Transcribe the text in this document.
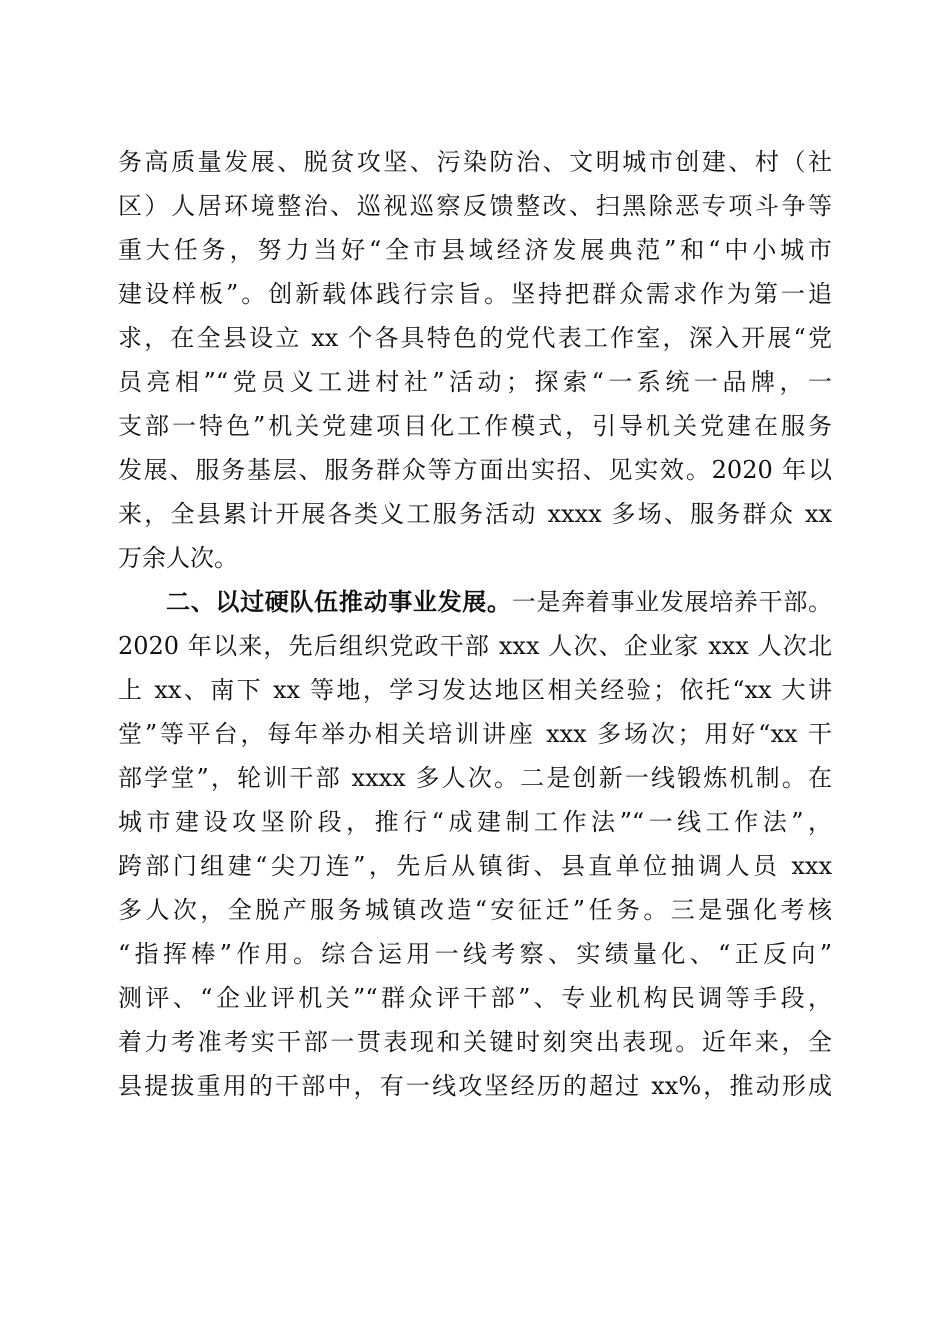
务高质量发展、脱贫攻坚、污染防治、文明城市创建、村（社
区）人居环境整治、巡视巡察反馈整改、扫黑除恶专项斗争等
重大任务，努力当好“全市县域经济发展典范”和“中小城市
建设样板”。创新载体践行宗旨。坚持把群众需求作为第一追
求，在全县设立 xx 个各具特色的党代表工作室，深入开展“党
员亮相”“党员义工进村社”活动；探索“一系统一品牌，一
支部一特色”机关党建项目化工作模式，引导机关党建在服务
发展、服务基层、服务群众等方面出实招、见实效。2020 年以
来，全县累计开展各类义工服务活动 xxxx 多场、服务群众 xx
万余人次。
二、以过硬队伍推动事业发展。一是奔着事业发展培养干部。
2020 年以来，先后组织党政干部 xxx 人次、企业家 xxx 人次北
上 xx、南下 xx 等地，学习发达地区相关经验；依托“xx 大讲
堂”等平台，每年举办相关培训讲座 xxx 多场次；用好“xx 干
部学堂”，轮训干部 xxxx 多人次。二是创新一线锻炼机制。在
城市建设攻坚阶段，推行“成建制工作法”“一线工作法”，
跨部门组建“尖刀连”，先后从镇街、县直单位抽调人员 xxx
多人次，全脱产服务城镇改造“安征迁”任务。三是强化考核
“指挥棒”作用。综合运用一线考察、实绩量化、“正反向”
测评、“企业评机关”“群众评干部”、专业机构民调等手段，
着力考准考实干部一贯表现和关键时刻突出表现。近年来，全
县提拔重用的干部中，有一线攻坚经历的超过 xx%，推动形成
